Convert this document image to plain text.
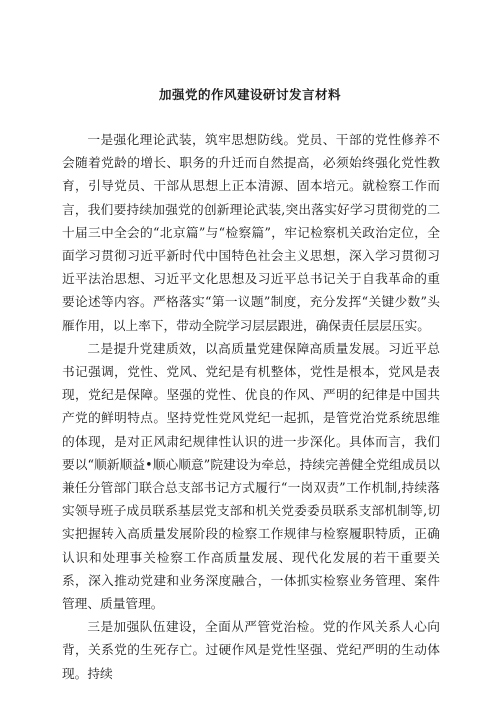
加强党的作风建设研讨发言材料

一是强化理论武装，筑牢思想防线。党员、干部的党性修养不会随着党龄的增长、职务的升迁而自然提高，必须始终强化党性教育，引导党员、干部从思想上正本清源、固本培元。就检察工作而言，我们要持续加强党的创新理论武装,突出落实好学习贯彻党的二十届三中全会的“北京篇”与“检察篇”，牢记检察机关政治定位，全面学习贯彻习近平新时代中国特色社会主义思想，深入学习贯彻习近平法治思想、习近平文化思想及习近平总书记关于自我革命的重要论述等内容。严格落实“第一议题”制度，充分发挥“关键少数”头雁作用，以上率下，带动全院学习层层跟进，确保责任层层压实。

二是提升党建质效，以高质量党建保障高质量发展。习近平总书记强调，党性、党风、党纪是有机整体，党性是根本，党风是表现，党纪是保障。坚强的党性、优良的作风、严明的纪律是中国共产党的鲜明特点。坚持党性党风党纪一起抓，是管党治党系统思维的体现，是对正风肃纪规律性认识的进一步深化。具体而言，我们要以“顺新顺益•顺心顺意”院建设为牵总，持续完善健全党组成员以兼任分管部门联合总支部书记方式履行“一岗双责”工作机制,持续落实领导班子成员联系基层党支部和机关党委委员联系支部机制等,切实把握转入高质量发展阶段的检察工作规律与检察履职特质，正确认识和处理事关检察工作高质量发展、现代化发展的若干重要关系，深入推动党建和业务深度融合，一体抓实检察业务管理、案件管理、质量管理。

三是加强队伍建设，全面从严管党治检。党的作风关系人心向背，关系党的生死存亡。过硬作风是党性坚强、党纪严明的生动体现。持续
